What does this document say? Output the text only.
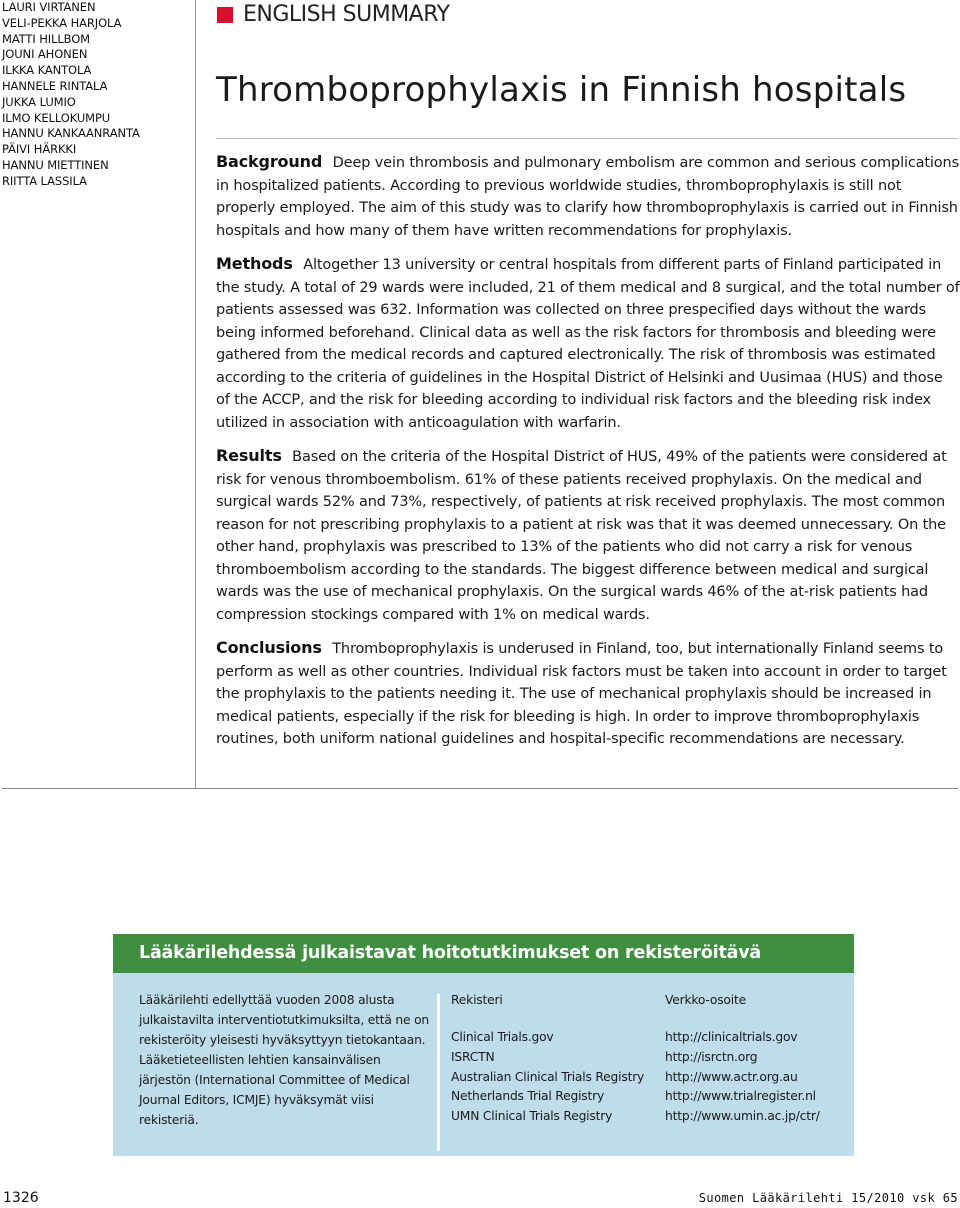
LAURI VIRTANEN
VELI-PEKKA HARJOLA
MATTI HILLBOM
JOUNI AHONEN
ILKKA KANTOLA
HANNELE RINTALA
JUKKA LUMIO
ILMO KELLOKUMPU
HANNU KANKAANRANTA
PÄIVI HÄRKKI
HANNU MIETTINEN
RIITTA LASSILA
ENGLISH SUMMARY
Thromboprophylaxis in Finnish hospitals

Background Deep vein thrombosis and pulmonary embolism are common and serious complications in hospitalized patients. According to previous worldwide studies, thromboprophylaxis is still not properly employed. The aim of this study was to clarify how thromboprophylaxis is carried out in Finnish hospitals and how many of them have written recommendations for prophylaxis.

Methods Altogether 13 university or central hospitals from different parts of Finland participated in the study. A total of 29 wards were included, 21 of them medical and 8 surgical, and the total number of patients assessed was 632. Information was collected on three prespecified days without the wards being informed beforehand. Clinical data as well as the risk factors for thrombosis and bleeding were gathered from the medical records and captured electronically. The risk of thrombosis was estimated according to the criteria of guidelines in the Hospital District of Helsinki and Uusimaa (HUS) and those of the ACCP, and the risk for bleeding according to individual risk factors and the bleeding risk index utilized in association with anticoagulation with warfarin.

Results Based on the criteria of the Hospital District of HUS, 49% of the patients were considered at risk for venous thromboembolism. 61% of these patients received prophylaxis. On the medical and surgical wards 52% and 73%, respectively, of patients at risk received prophylaxis. The most common reason for not prescribing prophylaxis to a patient at risk was that it was deemed unnecessary. On the other hand, prophylaxis was prescribed to 13% of the patients who did not carry a risk for venous thromboembolism according to the standards. The biggest difference between medical and surgical wards was the use of mechanical prophylaxis. On the surgical wards 46% of the at-risk patients had compression stockings compared with 1% on medical wards.

Conclusions Thromboprophylaxis is underused in Finland, too, but internationally Finland seems to perform as well as other countries. Individual risk factors must be taken into account in order to target the prophylaxis to the patients needing it. The use of mechanical prophylaxis should be increased in medical patients, especially if the risk for bleeding is high. In order to improve thromboprophylaxis routines, both uniform national guidelines and hospital-specific recommendations are necessary.

Lääkärilehdessä julkaistavat hoitotutkimukset on rekisteröitävä
Lääkärilehti edellyttää vuoden 2008 alusta julkaistavilta interventiotutkimuksilta, että ne on rekisteröity yleisesti hyväksyttyyn tietokantaan. Lääketieteellisten lehtien kansainvälisen järjestön (International Committee of Medical Journal Editors, ICMJE) hyväksymät viisi rekisteriä.
Rekisteri
Clinical Trials.gov
ISRCTN
Australian Clinical Trials Registry
Netherlands Trial Registry
UMN Clinical Trials Registry
Verkko-osoite
http://clinicaltrials.gov
http://isrctn.org
http://www.actr.org.au
http://www.trialregister.nl
http://www.umin.ac.jp/ctr/
1326	Suomen Lääkärilehti 15/2010 vsk 65
